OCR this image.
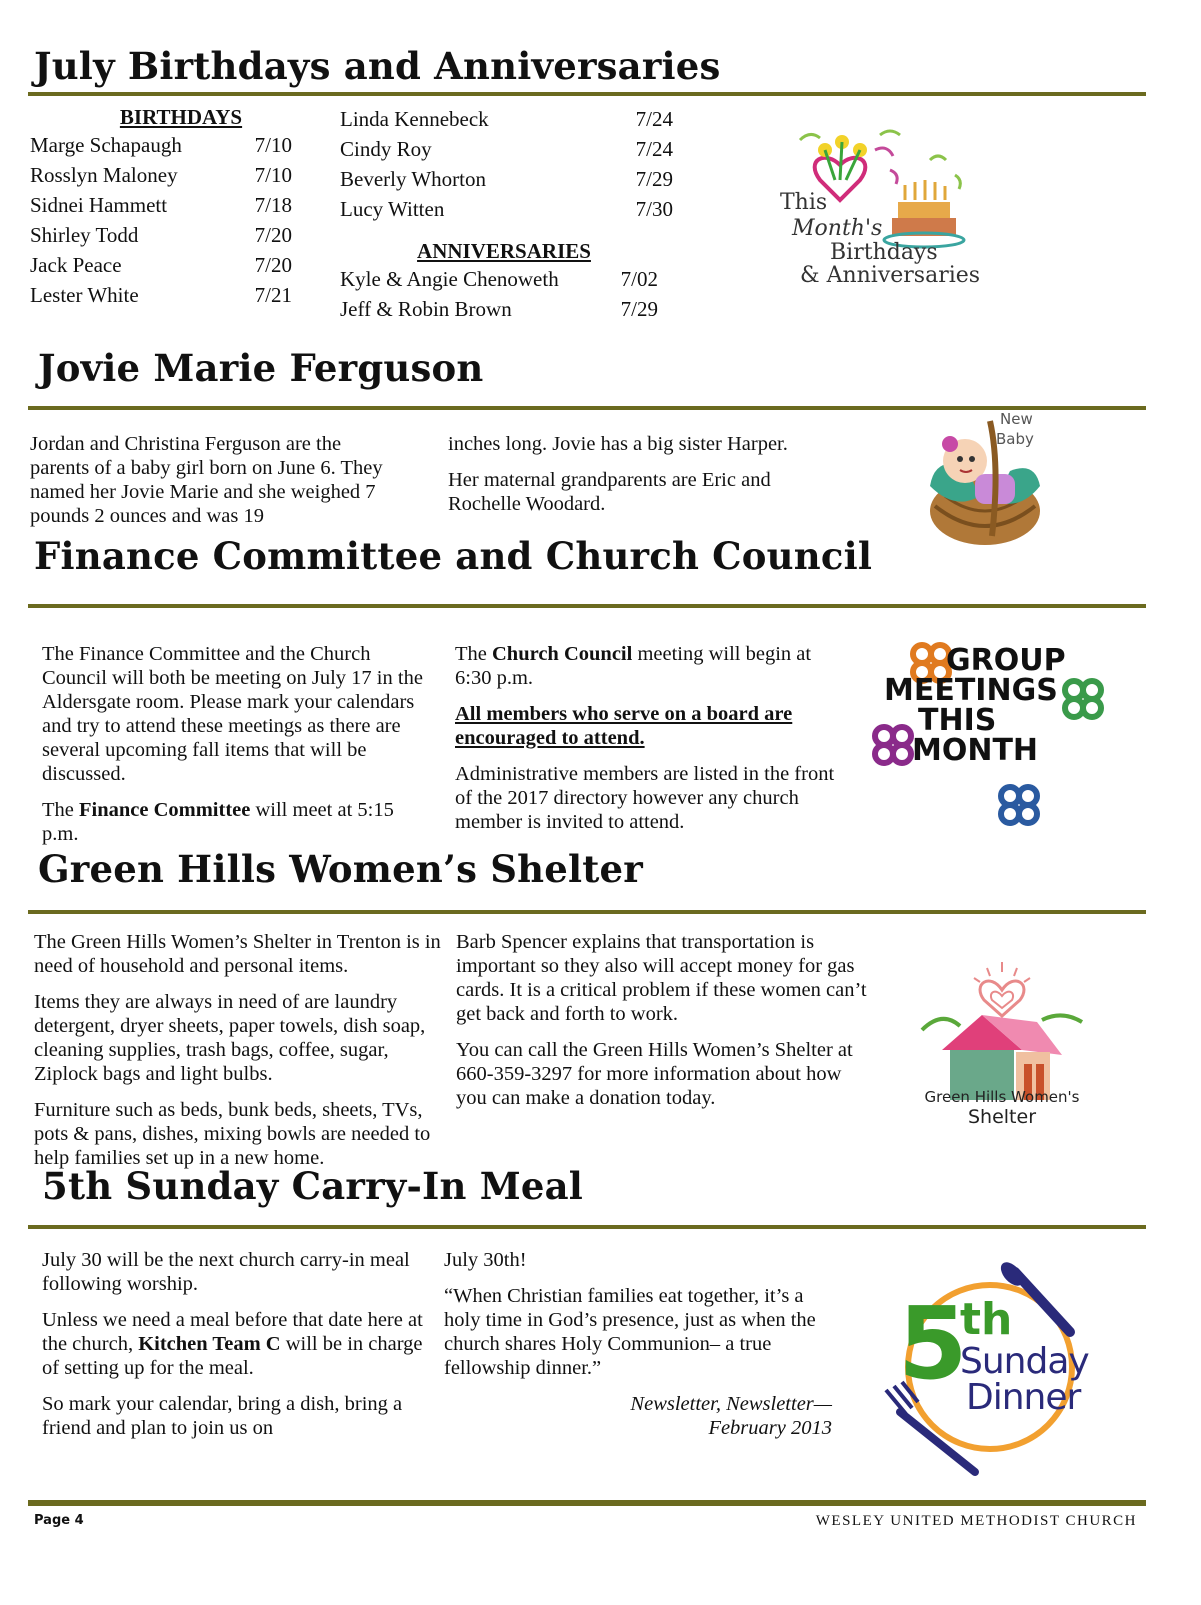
July Birthdays and Anniversaries
BIRTHDAYS
Marge Schapaugh	7/10
Rosslyn Maloney	7/10
Sidnei Hammett	7/18
Shirley Todd	7/20
Jack Peace	7/20
Lester White	7/21
Linda Kennebeck	7/24
Cindy Roy	7/24
Beverly Whorton	7/29
Lucy Witten	7/30
ANNIVERSARIES
Kyle & Angie Chenoweth	7/02
Jeff & Robin Brown	7/29
This
Month's
Birthdays
& Anniversaries
Jovie Marie Ferguson

Jordan and Christina Ferguson are the parents of a baby girl born on June 6. They named her Jovie Marie and she weighed 7 pounds 2 ounces and was 19

inches long. Jovie has a big sister Harper.

Her maternal grandparents are Eric and Rochelle Woodard.

New
Baby
Finance Committee and Church Council

The Finance Committee and the Church Council will both be meeting on July 17 in the Aldersgate room. Please mark your calendars and try to attend these meetings as there are several upcoming fall items that will be discussed.

The Finance Committee will meet at 5:15 p.m.

The Church Council meeting will begin at 6:30 p.m.

All members who serve on a board are encouraged to attend.

Administrative members are listed in the front of the 2017 directory however any church member is invited to attend.

GROUP
MEETINGS
THIS
MONTH
Green Hills Women’s Shelter

The Green Hills Women’s Shelter in Trenton is in need of household and personal items.

Items they are always in need of are laundry detergent, dryer sheets, paper towels, dish soap, cleaning supplies, trash bags, coffee, sugar, Ziplock bags and light bulbs.

Furniture such as beds, bunk beds, sheets, TVs, pots & pans, dishes, mixing bowls are needed to help families set up in a new home.

Barb Spencer explains that transportation is important so they also will accept money for gas cards. It is a critical problem if these women can’t get back and forth to work.

You can call the Green Hills Women’s Shelter at 660-359-3297 for more information about how you can make a donation today.	Green Hills Women's
Shelter
5th Sunday Carry-In Meal

July 30 will be the next church carry-in meal following worship.

Unless we need a meal before that date here at the church, Kitchen Team C will be in charge of setting up for the meal.

So mark your calendar, bring a dish, bring a friend and plan to join us on

July 30th!

“When Christian families eat together, it’s a holy time in God’s presence, just as when the church shares Holy Communion– a true fellowship dinner.”

Newsletter, Newsletter—
February 2013
5
th
Sunday
Dinner
Page 4	WESLEY UNITED METHODIST CHURCH
